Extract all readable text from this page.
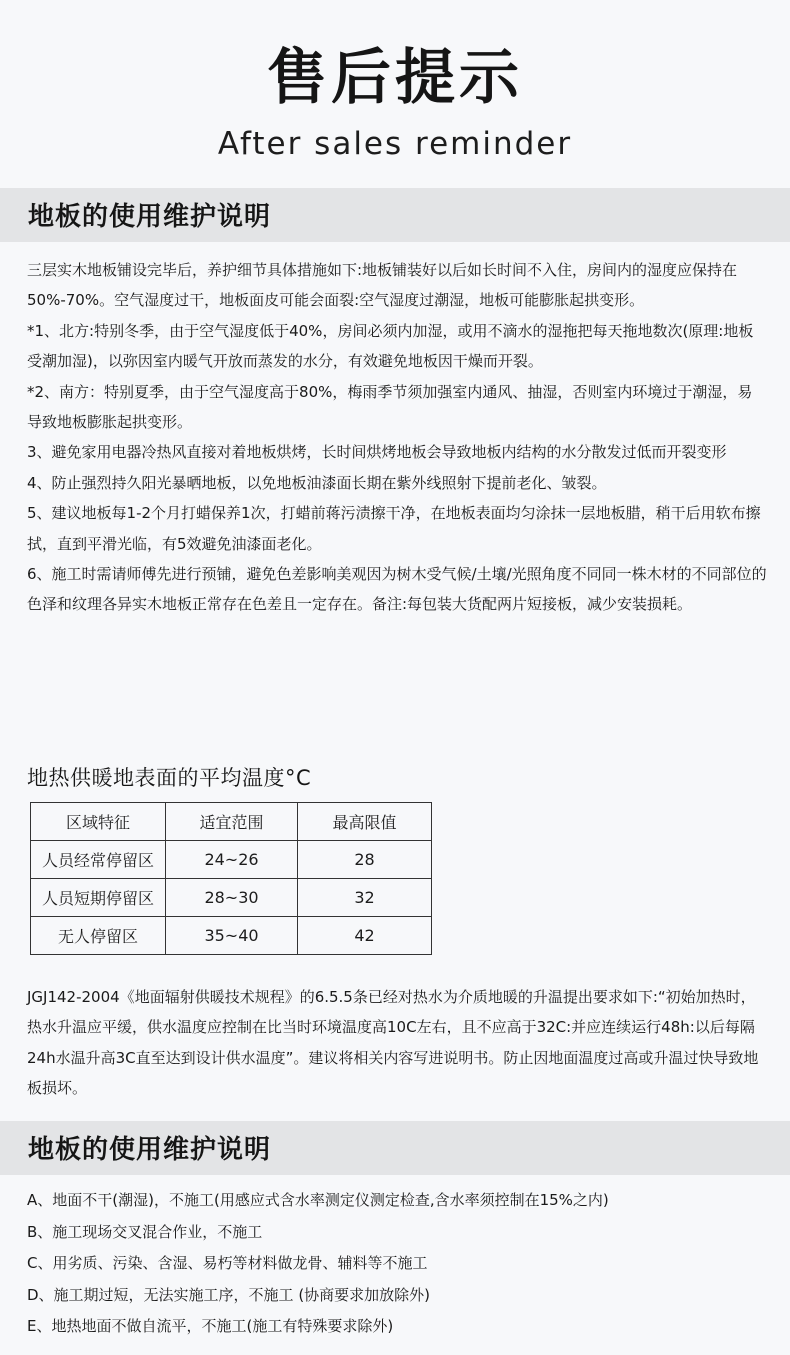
售后提示
After sales reminder
地板的使用维护说明

三层实木地板铺设完毕后，养护细节具体措施如下:地板铺装好以后如长时间不入住，房间内的湿度应保持在50%-70%。空气湿度过干，地板面皮可能会面裂:空气湿度过潮湿，地板可能膨胀起拱变形。

*1、北方:特别冬季，由于空气湿度低于40%，房间必须内加湿，或用不滴水的湿拖把每天拖地数次(原理:地板受潮加湿)，以弥因室内暖气开放而蒸发的水分，有效避免地板因干燥而开裂。

*2、南方：特别夏季，由于空气湿度高于80%，梅雨季节须加强室内通风、抽湿，否则室内环境过于潮湿，易导致地板膨胀起拱变形。

3、避免家用电器冷热风直接对着地板烘烤，长时间烘烤地板会导致地板内结构的水分散发过低而开裂变形

4、防止强烈持久阳光暴晒地板，以免地板油漆面长期在紫外线照射下提前老化、皱裂。

5、建议地板每1-2个月打蜡保养1次，打蜡前蒋污渍擦干净，在地板表面均匀涂抹一层地板腊，稍干后用软布擦拭，直到平滑光临，有5效避免油漆面老化。

6、施工时需请师傅先进行预铺，避免色差影响美观因为树木受气候/土壤/光照角度不同同一株木材的不同部位的色泽和纹理各异实木地板正常存在色差且一定存在。备注:每包装大货配两片短接板，减少安装损耗。

地热供暖地表面的平均温度°C
区域特征	适宜范围	最高限值
人员经常停留区	24~26	28
人员短期停留区	28~30	32
无人停留区	35~40	42

JGJ142-2004《地面辐射供暖技术规程》的6.5.5条已经对热水为介质地暖的升温提出要求如下:“初始加热时，热水升温应平缓，供水温度应控制在比当时环境温度高10C左右，且不应高于32C:并应连续运行48h:以后每隔24h水温升高3C直至达到设计供水温度”。建议将相关内容写进说明书。防止因地面温度过高或升温过快导致地板损坏。

地板的使用维护说明

A、地面不干(潮湿)，不施工(用感应式含水率测定仪测定检查,含水率须控制在15%之内)

B、施工现场交叉混合作业，不施工

C、用劣质、污染、含湿、易朽等材料做龙骨、辅料等不施工

D、施工期过短，无法实施工序，不施工 (协商要求加放除外)

E、地热地面不做自流平，不施工(施工有特殊要求除外)
